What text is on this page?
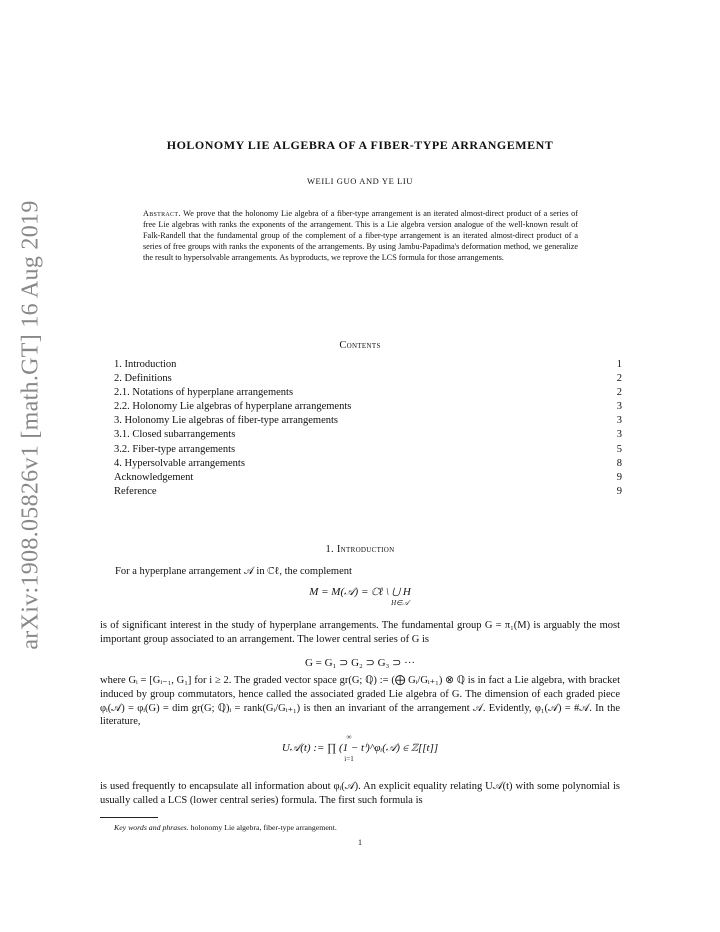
arXiv:1908.05826v1 [math.GT] 16 Aug 2019
HOLONOMY LIE ALGEBRA OF A FIBER-TYPE ARRANGEMENT
WEILI GUO AND YE LIU
Abstract. We prove that the holonomy Lie algebra of a fiber-type arrangement is an iterated almost-direct product of a series of free Lie algebras with ranks the exponents of the arrangement. This is a Lie algebra version analogue of the well-known result of Falk-Randell that the fundamental group of the complement of a fiber-type arrangement is an iterated almost-direct product of a series of free groups with ranks the exponents of the arrangements. By using Jambu-Papadima's deformation method, we generalize the result to hypersolvable arrangements. As byproducts, we reprove the LCS formula for those arrangements.
Contents
1. Introduction	1
2. Definitions	2
2.1. Notations of hyperplane arrangements	2
2.2. Holonomy Lie algebras of hyperplane arrangements	3
3. Holonomy Lie algebras of fiber-type arrangements	3
3.1. Closed subarrangements	3
3.2. Fiber-type arrangements	5
4. Hypersolvable arrangements	8
Acknowledgement	9
Reference	9
1. Introduction
For a hyperplane arrangement 𝒜 in ℂℓ, the complement
M = M(𝒜) = ℂℓ \ ⋃ H
H∈𝒜
is of significant interest in the study of hyperplane arrangements. The fundamental group G = π₁(M) is arguably the most important group associated to an arrangement. The lower central series of G is
G = G₁ ⊃ G₂ ⊃ G₃ ⊃ ···
where Gᵢ = [Gᵢ₋₁, G₁] for i ≥ 2. The graded vector space gr(G; ℚ) := (⨁ Gᵢ/Gᵢ₊₁) ⊗ ℚ is in fact a Lie algebra, with bracket induced by group commutators, hence called the associated graded Lie algebra of G. The dimension of each graded piece φᵢ(𝒜) = φᵢ(G) = dim gr(G; ℚ)ᵢ = rank(Gᵢ/Gᵢ₊₁) is then an invariant of the arrangement 𝒜. Evidently, φ₁(𝒜) = #𝒜. In the literature,
∞
U𝒜(t) := ∏ (1 − tⁱ)^φᵢ(𝒜) ∈ ℤ[[t]]
i=1
is used frequently to encapsulate all information about φᵢ(𝒜). An explicit equality relating U𝒜(t) with some polynomial is usually called a LCS (lower central series) formula. The first such formula is
Key words and phrases. holonomy Lie algebra, fiber-type arrangement.
1
